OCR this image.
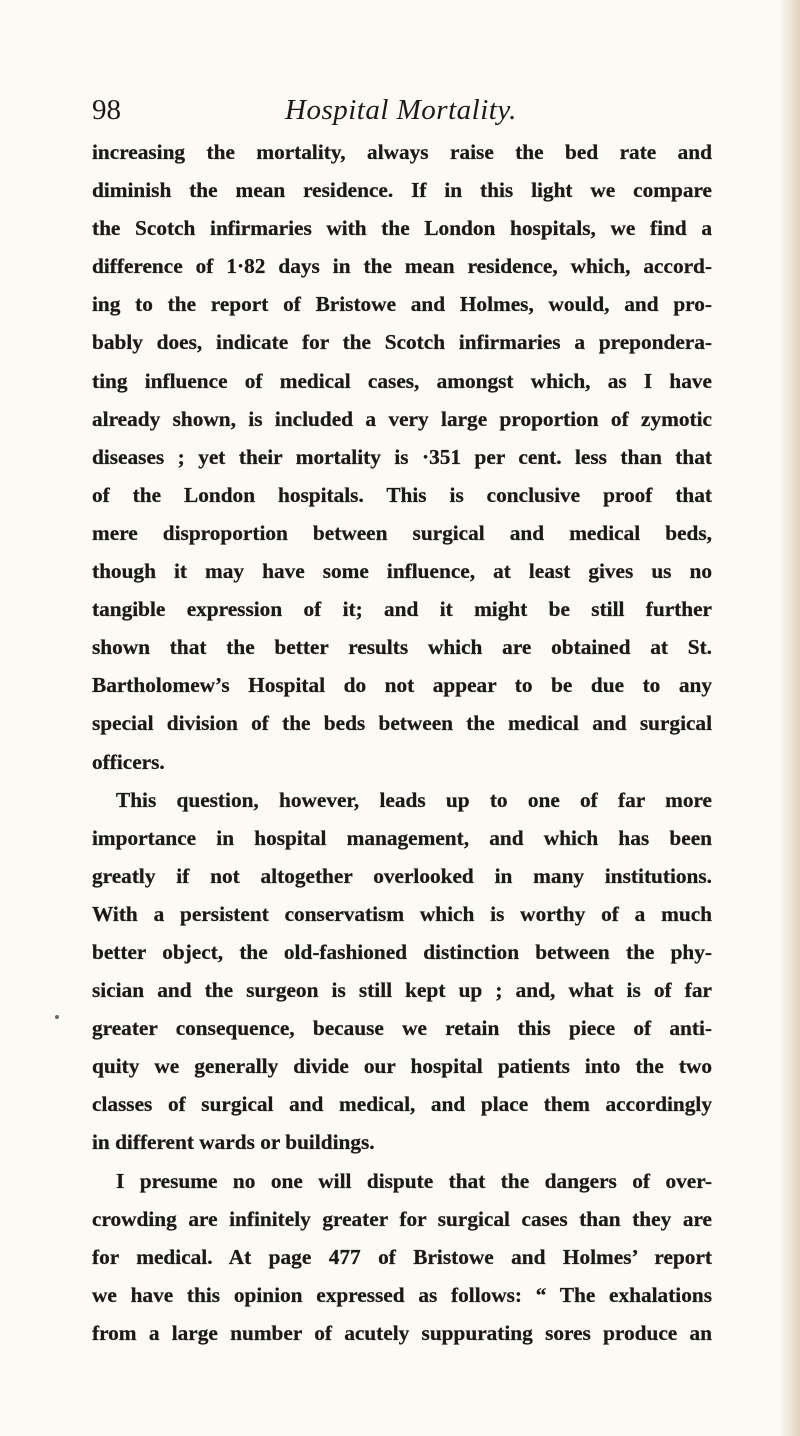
98	Hospital Mortality.
increasing the mortality, always raise the bed rate and
diminish the mean residence. If in this light we compare
the Scotch infirmaries with the London hospitals, we find a
difference of 1·82 days in the mean residence, which, accord-
ing to the report of Bristowe and Holmes, would, and pro-
bably does, indicate for the Scotch infirmaries a prepondera-
ting influence of medical cases, amongst which, as I have
already shown, is included a very large proportion of zymotic
diseases ; yet their mortality is ·351 per cent. less than that
of the London hospitals. This is conclusive proof that
mere disproportion between surgical and medical beds,
though it may have some influence, at least gives us no
tangible expression of it; and it might be still further
shown that the better results which are obtained at St.
Bartholomew’s Hospital do not appear to be due to any
special division of the beds between the medical and surgical
officers.
This question, however, leads up to one of far more
importance in hospital management, and which has been
greatly if not altogether overlooked in many institutions.
With a persistent conservatism which is worthy of a much
better object, the old-fashioned distinction between the phy-
sician and the surgeon is still kept up ; and, what is of far
greater consequence, because we retain this piece of anti-
quity we generally divide our hospital patients into the two
classes of surgical and medical, and place them accordingly
in different wards or buildings.
I presume no one will dispute that the dangers of over-
crowding are infinitely greater for surgical cases than they are
for medical. At page 477 of Bristowe and Holmes’ report
we have this opinion expressed as follows: “ The exhalations
from a large number of acutely suppurating sores produce an
